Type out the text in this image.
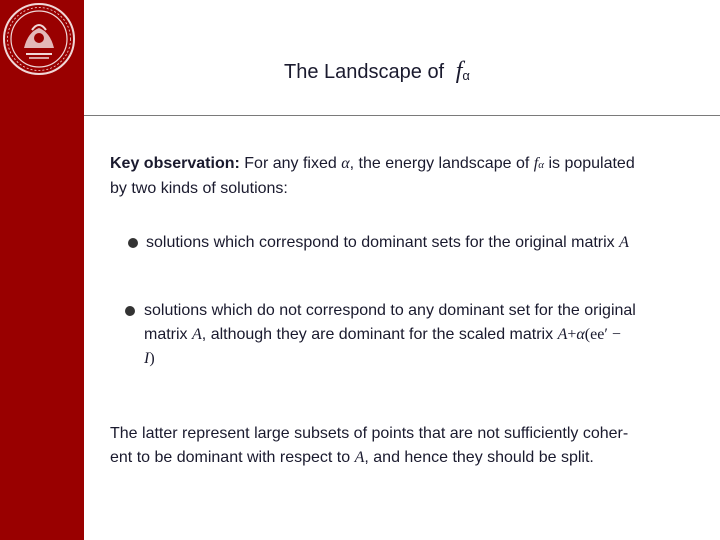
The Landscape of fα
Key observation: For any fixed α, the energy landscape of fα is populated
by two kinds of solutions:
solutions which correspond to dominant sets for the original matrix A
solutions which do not correspond to any dominant set for the original
matrix A, although they are dominant for the scaled matrix A+α(ee′ −
I)
The latter represent large subsets of points that are not sufficiently coher-
ent to be dominant with respect to A, and hence they should be split.
